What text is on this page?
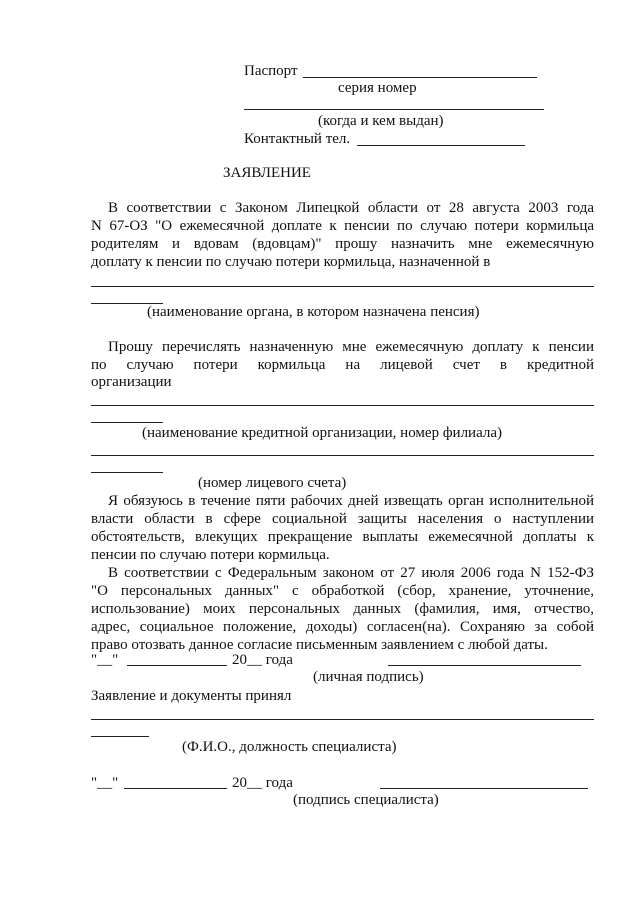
Паспорт
серия номер
(когда и кем выдан)
Контактный тел.
ЗАЯВЛЕНИЕ
В соответствии с Законом Липецкой области от 28 августа 2003 года
N 67-ОЗ "О ежемесячной доплате к пенсии по случаю потери кормильца
родителям и вдовам (вдовцам)" прошу назначить мне ежемесячную
доплату к пенсии по случаю потери кормильца, назначенной в
(наименование органа, в котором назначена пенсия)
Прошу перечислять назначенную мне ежемесячную доплату к пенсии
по случаю потери кормильца на лицевой счет в кредитной
организации
(наименование кредитной организации, номер филиала)
(номер лицевого счета)
Я обязуюсь в течение пяти рабочих дней извещать орган исполнительной
власти области в сфере социальной защиты населения о наступлении
обстоятельств, влекущих прекращение выплаты ежемесячной доплаты к
пенсии по случаю потери кормильца.
В соответствии с Федеральным законом от 27 июля 2006 года N 152-ФЗ
"О персональных данных" с обработкой (сбор, хранение, уточнение,
использование) моих персональных данных (фамилия, имя, отчество,
адрес, социальное положение, доходы) согласен(на). Сохраняю за собой
право отозвать данное согласие письменным заявлением с любой даты.
"__"	20__ года
(личная подпись)
Заявление и документы принял
(Ф.И.О., должность специалиста)
"__"	20__ года
(подпись специалиста)
